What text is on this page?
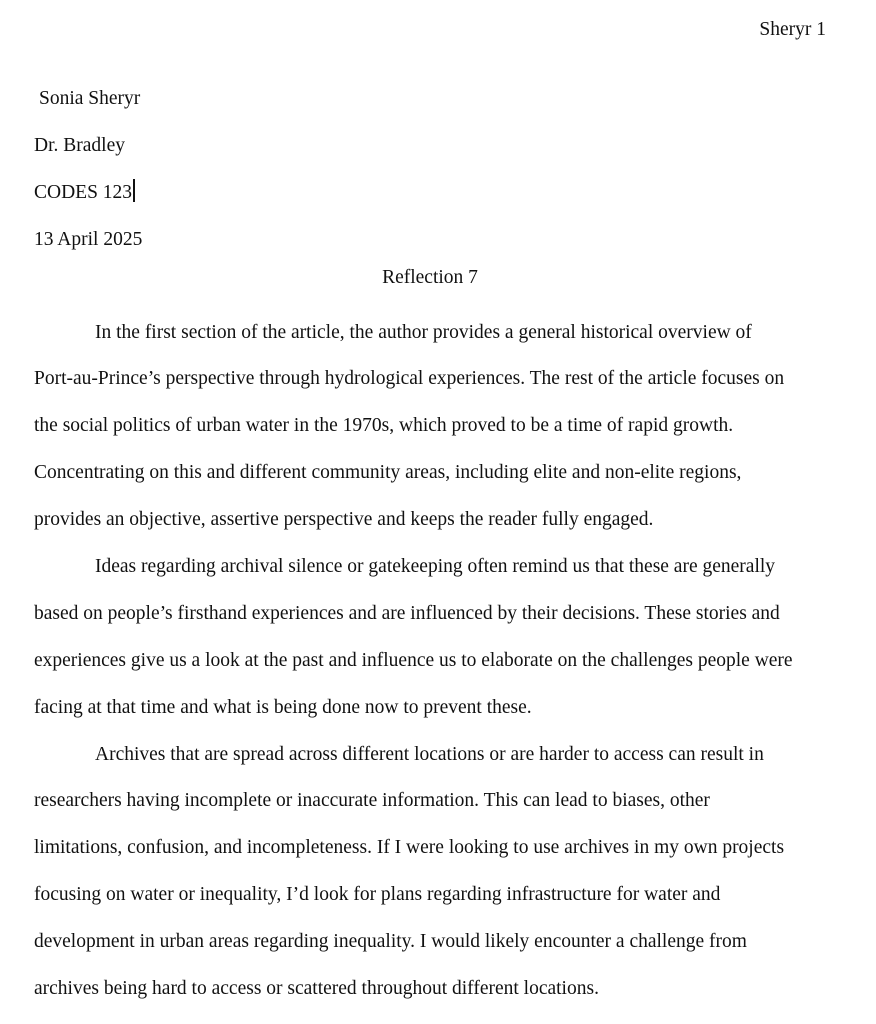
Sheryr 1
Sonia Sheryr
Dr. Bradley
CODES 123
13 April 2025
Reflection 7
In the first section of the article, the author provides a general historical overview of
Port-au-Prince’s perspective through hydrological experiences. The rest of the article focuses on
the social politics of urban water in the 1970s, which proved to be a time of rapid growth.
Concentrating on this and different community areas, including elite and non-elite regions,
provides an objective, assertive perspective and keeps the reader fully engaged.
Ideas regarding archival silence or gatekeeping often remind us that these are generally
based on people’s firsthand experiences and are influenced by their decisions. These stories and
experiences give us a look at the past and influence us to elaborate on the challenges people were
facing at that time and what is being done now to prevent these.
Archives that are spread across different locations or are harder to access can result in
researchers having incomplete or inaccurate information. This can lead to biases, other
limitations, confusion, and incompleteness. If I were looking to use archives in my own projects
focusing on water or inequality, I’d look for plans regarding infrastructure for water and
development in urban areas regarding inequality. I would likely encounter a challenge from
archives being hard to access or scattered throughout different locations.
